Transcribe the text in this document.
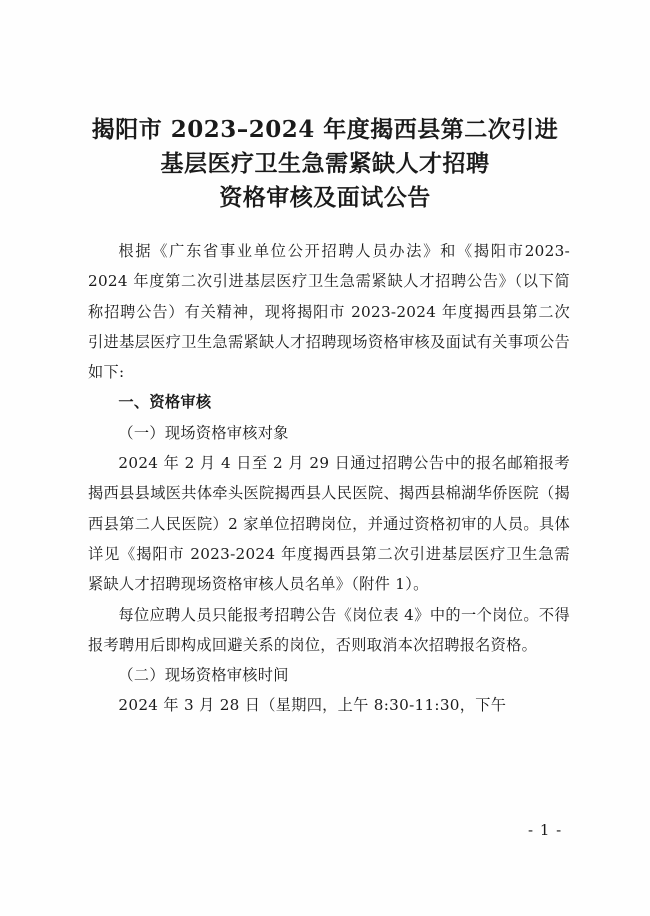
揭阳市 2023–2024 年度揭西县第二次引进
基层医疗卫生急需紧缺人才招聘
资格审核及面试公告

根据《广东省事业单位公开招聘人员办法》和《揭阳市2023-2024 年度第二次引进基层医疗卫生急需紧缺人才招聘公告》（以下简称招聘公告）有关精神，现将揭阳市 2023-2024 年度揭西县第二次引进基层医疗卫生急需紧缺人才招聘现场资格审核及面试有关事项公告如下:

一、资格审核

（一）现场资格审核对象

2024 年 2 月 4 日至 2 月 29 日通过招聘公告中的报名邮箱报考揭西县县域医共体牵头医院揭西县人民医院、揭西县棉湖华侨医院（揭西县第二人民医院）2 家单位招聘岗位，并通过资格初审的人员。具体详见《揭阳市 2023-2024 年度揭西县第二次引进基层医疗卫生急需紧缺人才招聘现场资格审核人员名单》（附件 1）。

每位应聘人员只能报考招聘公告《岗位表 4》中的一个岗位。不得报考聘用后即构成回避关系的岗位，否则取消本次招聘报名资格。

（二）现场资格审核时间

2024 年 3 月 28 日（星期四，上午 8:30-11:30，下午

- 1 -
